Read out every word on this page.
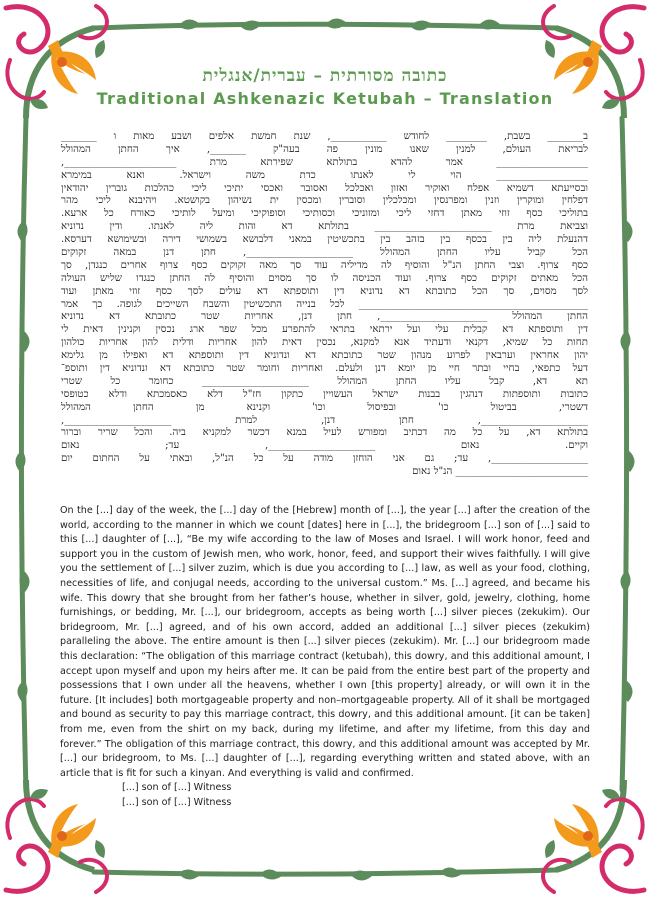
כתובה מסורתית – עברית/אנגלית
Traditional Ashkenazic Ketubah – Translation
ב_______ בשבת, ________ לחודש ___________, שנת חמשת אלפים ושבע מאות ו _______
לבריאת העולם, למנין שאנו מונין פה בעה"ק _______, איך החתן המהולל
__________________ אמר להדא בתולתא שפירתא מרת ______________________,
__________________ הוי לי לאנתו כדת משה וישראל. ואנא במימרא
ובסייעתא דשמיא אפלח ואוקיר ואזון ואכלכל ואסובר ואכסי יתיכי ליכי כהלכות גוברין יהודאין
דפלחין ומוקרין וזנין ומפרנסין ומכלכלין וסוברין ומכסין ית נשיהון בקושטא. ויהיבנא ליכי מהר
בתוליכי כסף זוזי מאתן דחזי ליכי ומזוניכי וכסותיכי וסופוקיכי ומיעל לותיכי כאורח כל ארעא.
וצביאת מרת _______________________ בתולתא דא והות ליה לאנתו. ודין נדוניא
דהנעלת ליה בין בכסף בין בזהב בין בתכשיטין במאני דלבושא בשמושי דירה ובשימושא דערסא.
הכל קביל עליו החתן המהולל _____________________, חתן דנן במאה זקוקים
כסף צרוף. וצבי החתן הנ"ל והוסיף לה מדיליה עוד סך מאה זקוקים כסף צרוף אחרים כנגדן, סך
הכל מאתים זקוקים כסף צרוף. ועוד הכניסה לו סך מסוים והוסיף לה החתן כנגדו שליש העולה
לסך מסוים, סך הכל כתובתא דא נדוניא דין ותוספתא דא עולים לסך כסף זוזי מאתן ועוד
_____________________________________________ לכל בנייה התכשיטין והשבח השייכים לגופה. כך אמר
החתן המהולל _____________________, חתן דנן, אחריות שטר כתובתא דא נדוניא
דין ותוספתא דא קבלית עלי ועל ירתאי בתראי להתפרע מכל שפר ארג נכסין וקנינין דאית לי
תחות כל שמיא, דקנאי ודעתיד אנא למקנא, נכסין דאית להון אחריות ודלית להון אחריות כולהון
יהון אחראין וערבאין לפרוע מנהון שטר כתובתא דא ונדוניא דין ותוספתא דא ואפילו מן גלימא
דעל כתפאי, בחיי ובתר חיי מן יומא דנן ולעלם. ואחריות וחומר שטר כתובתא דא ונדוניא דין ותוספ־
תא דא, קבל עליו החתן המהולל _____________________ כחומר כל שטרי
כתובות ותוספתות דנהגין בבנות ישראל העשויין כתקון חז"ל דלא כאסמכתא ודלא כטופסי
דשטרי, בביטול כו' ובפיסול וכו' וקנינא מן החתן המהולל
_____________________, חתן דנן, למרת _____________________,
בתולתא דא, על כל מה דכתיב ומפורש לעיל במנא דכשר למקניא ביה. והכל שריר וברור
וקיים. נאום _____________________, עד; נאום
___________________, עד; גם אני הוחזן מודה על כל הנ"ל, ובאתי על החתום יום
__________________________ הנ"ל נאום

On the [...] day of the week, the [...] day of the [Hebrew] month of [...], the year [...] after the creation of the world, according to the manner in which we count [dates] here in [...], the bridegroom [...] son of [...] said to this [...] daughter of [...], “Be my wife according to the law of Moses and Israel. I will work honor, feed and support you in the custom of Jewish men, who work, honor, feed, and support their wives faithfully. I will give you the settlement of [...] silver zuzim, which is due you according to [...] law, as well as your food, clothing, necessities of life, and conjugal needs, according to the universal custom.” Ms. [...] agreed, and became his wife. This dowry that she brought from her father’s house, whether in silver, gold, jewelry, clothing, home furnishings, or bedding, Mr. [...], our bridegroom, accepts as being worth [...] silver pieces (zekukim). Our bridegroom, Mr. [...] agreed, and of his own accord, added an additional [...] silver pieces (zekukim) paralleling the above. The entire amount is then [...] silver pieces (zekukim). Mr. [...] our bridegroom made this declaration: “The obligation of this marriage contract (ketubah), this dowry, and this additional amount, I accept upon myself and upon my heirs after me. It can be paid from the entire best part of the property and possessions that I own under all the heavens, whether I own [this property] already, or will own it in the future. [It includes] both mortgageable property and non–mortgageable property. All of it shall be mortgaged and bound as security to pay this marriage contract, this dowry, and this additional amount. [it can be taken] from me, even from the shirt on my back, during my lifetime, and after my lifetime, from this day and forever.” The obligation of this marriage contract, this dowry, and this additional amount was accepted by Mr. [...] our bridegroom, to Ms. [...] daughter of [...], regarding everything written and stated above, with an article that is fit for such a kinyan. And everything is valid and confirmed.

[...] son of [...] Witness

[...] son of [...] Witness
